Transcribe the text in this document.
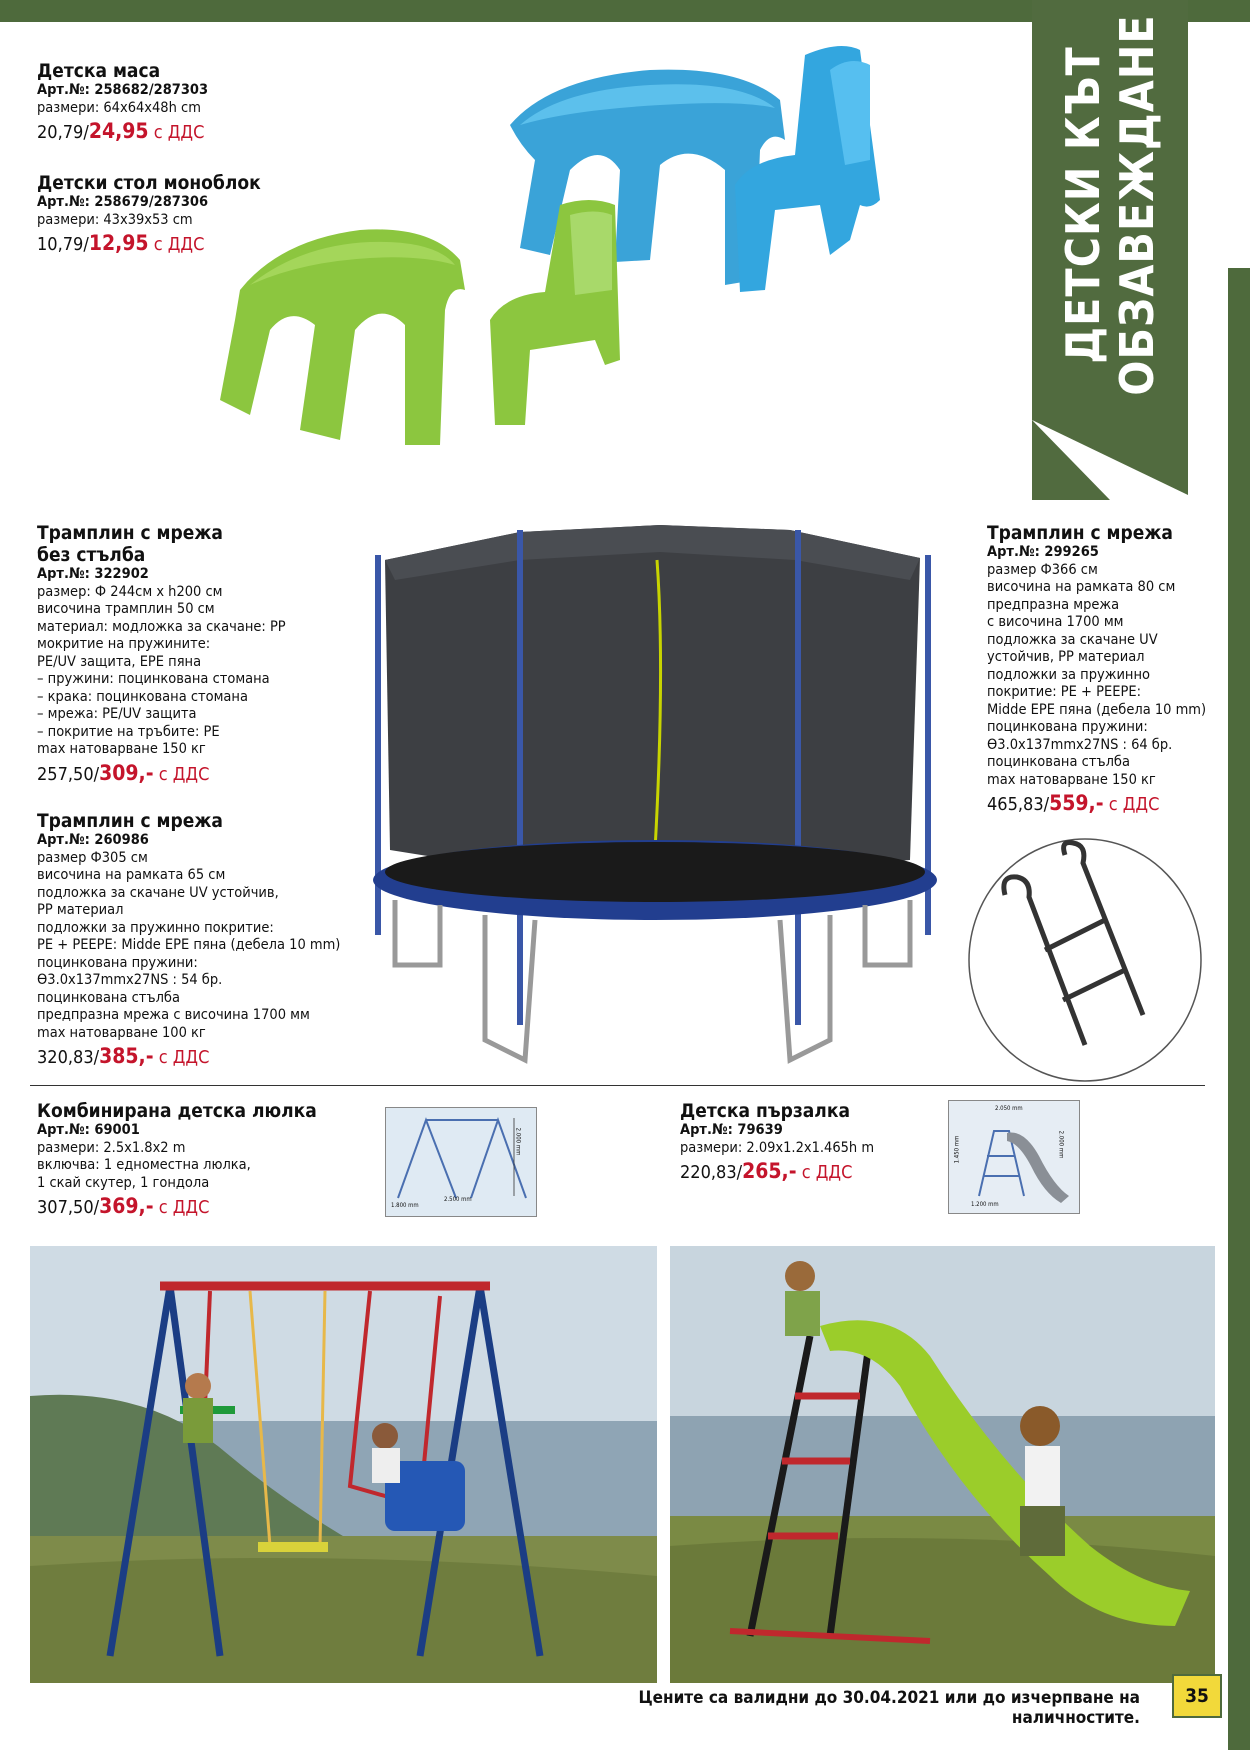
ДЕТСКИ КЪТ ОБЗАВЕЖДАНЕ
Детска маса
Арт.№: 258682/287303
размери: 64x64x48h cm
20,79/24,95 с ДДС
Детски стол моноблок
Арт.№: 258679/287306
размери: 43x39x53 cm
10,79/12,95 с ДДС
Трамплин с мрежа
без стълба
Арт.№: 322902
размер: Ф 244см x h200 см
височина трамплин 50 см
материал: модложка за скачане: PP
мокритие на пружините:
PE/UV защита, EPE пяна
– пружини: поцинкована стомана
– крака: поцинкована стомана
– мрежа: PE/UV защита
– покритие на тръбите: PE
max натоварване 150 кг
257,50/309,- с ДДС
Трамплин с мрежа
Арт.№: 260986
размер Ф305 см
височина на рамката 65 см
подложка за скачане UV устойчив,
PP материал
подложки за пружинно покритие:
PE + PEEPE: Midde EPE пяна (дебела 10 mm)
поцинкована пружини:
Ө3.0x137mmx27NS : 54 бр.
поцинкована стълба
предпразна мрежа с височина 1700 мм
max натоварване 100 кг
320,83/385,- с ДДС
Трамплин с мрежа
Арт.№: 299265
размер Ф366 см
височина на рамката 80 см
предпразна мрежа
с височина 1700 мм
подложка за скачане UV
устойчив, PP материал
подложки за пружинно
покритие: PE + PEEPE:
Midde EPE пяна (дебела 10 mm)
поцинкована пружини:
Ө3.0x137mmx27NS : 64 бр.
поцинкована стълба
max натоварване 150 кг
465,83/559,- с ДДС
Комбинирана детска люлка
Арт.№: 69001
размери: 2.5x1.8x2 m
включва: 1 едноместна люлка,
1 скай скутер, 1 гондола
307,50/369,- с ДДС	1.800 mm
2.500 mm
2.000 mm
Детска пързалка
Арт.№: 79639
размери: 2.09x1.2x1.465h m
220,83/265,- с ДДС
2.050 mm
1.200 mm
1.450 mm	2.000 mm
Цените са валидни до 30.04.2021 или до изчерпване на наличностите.
35
